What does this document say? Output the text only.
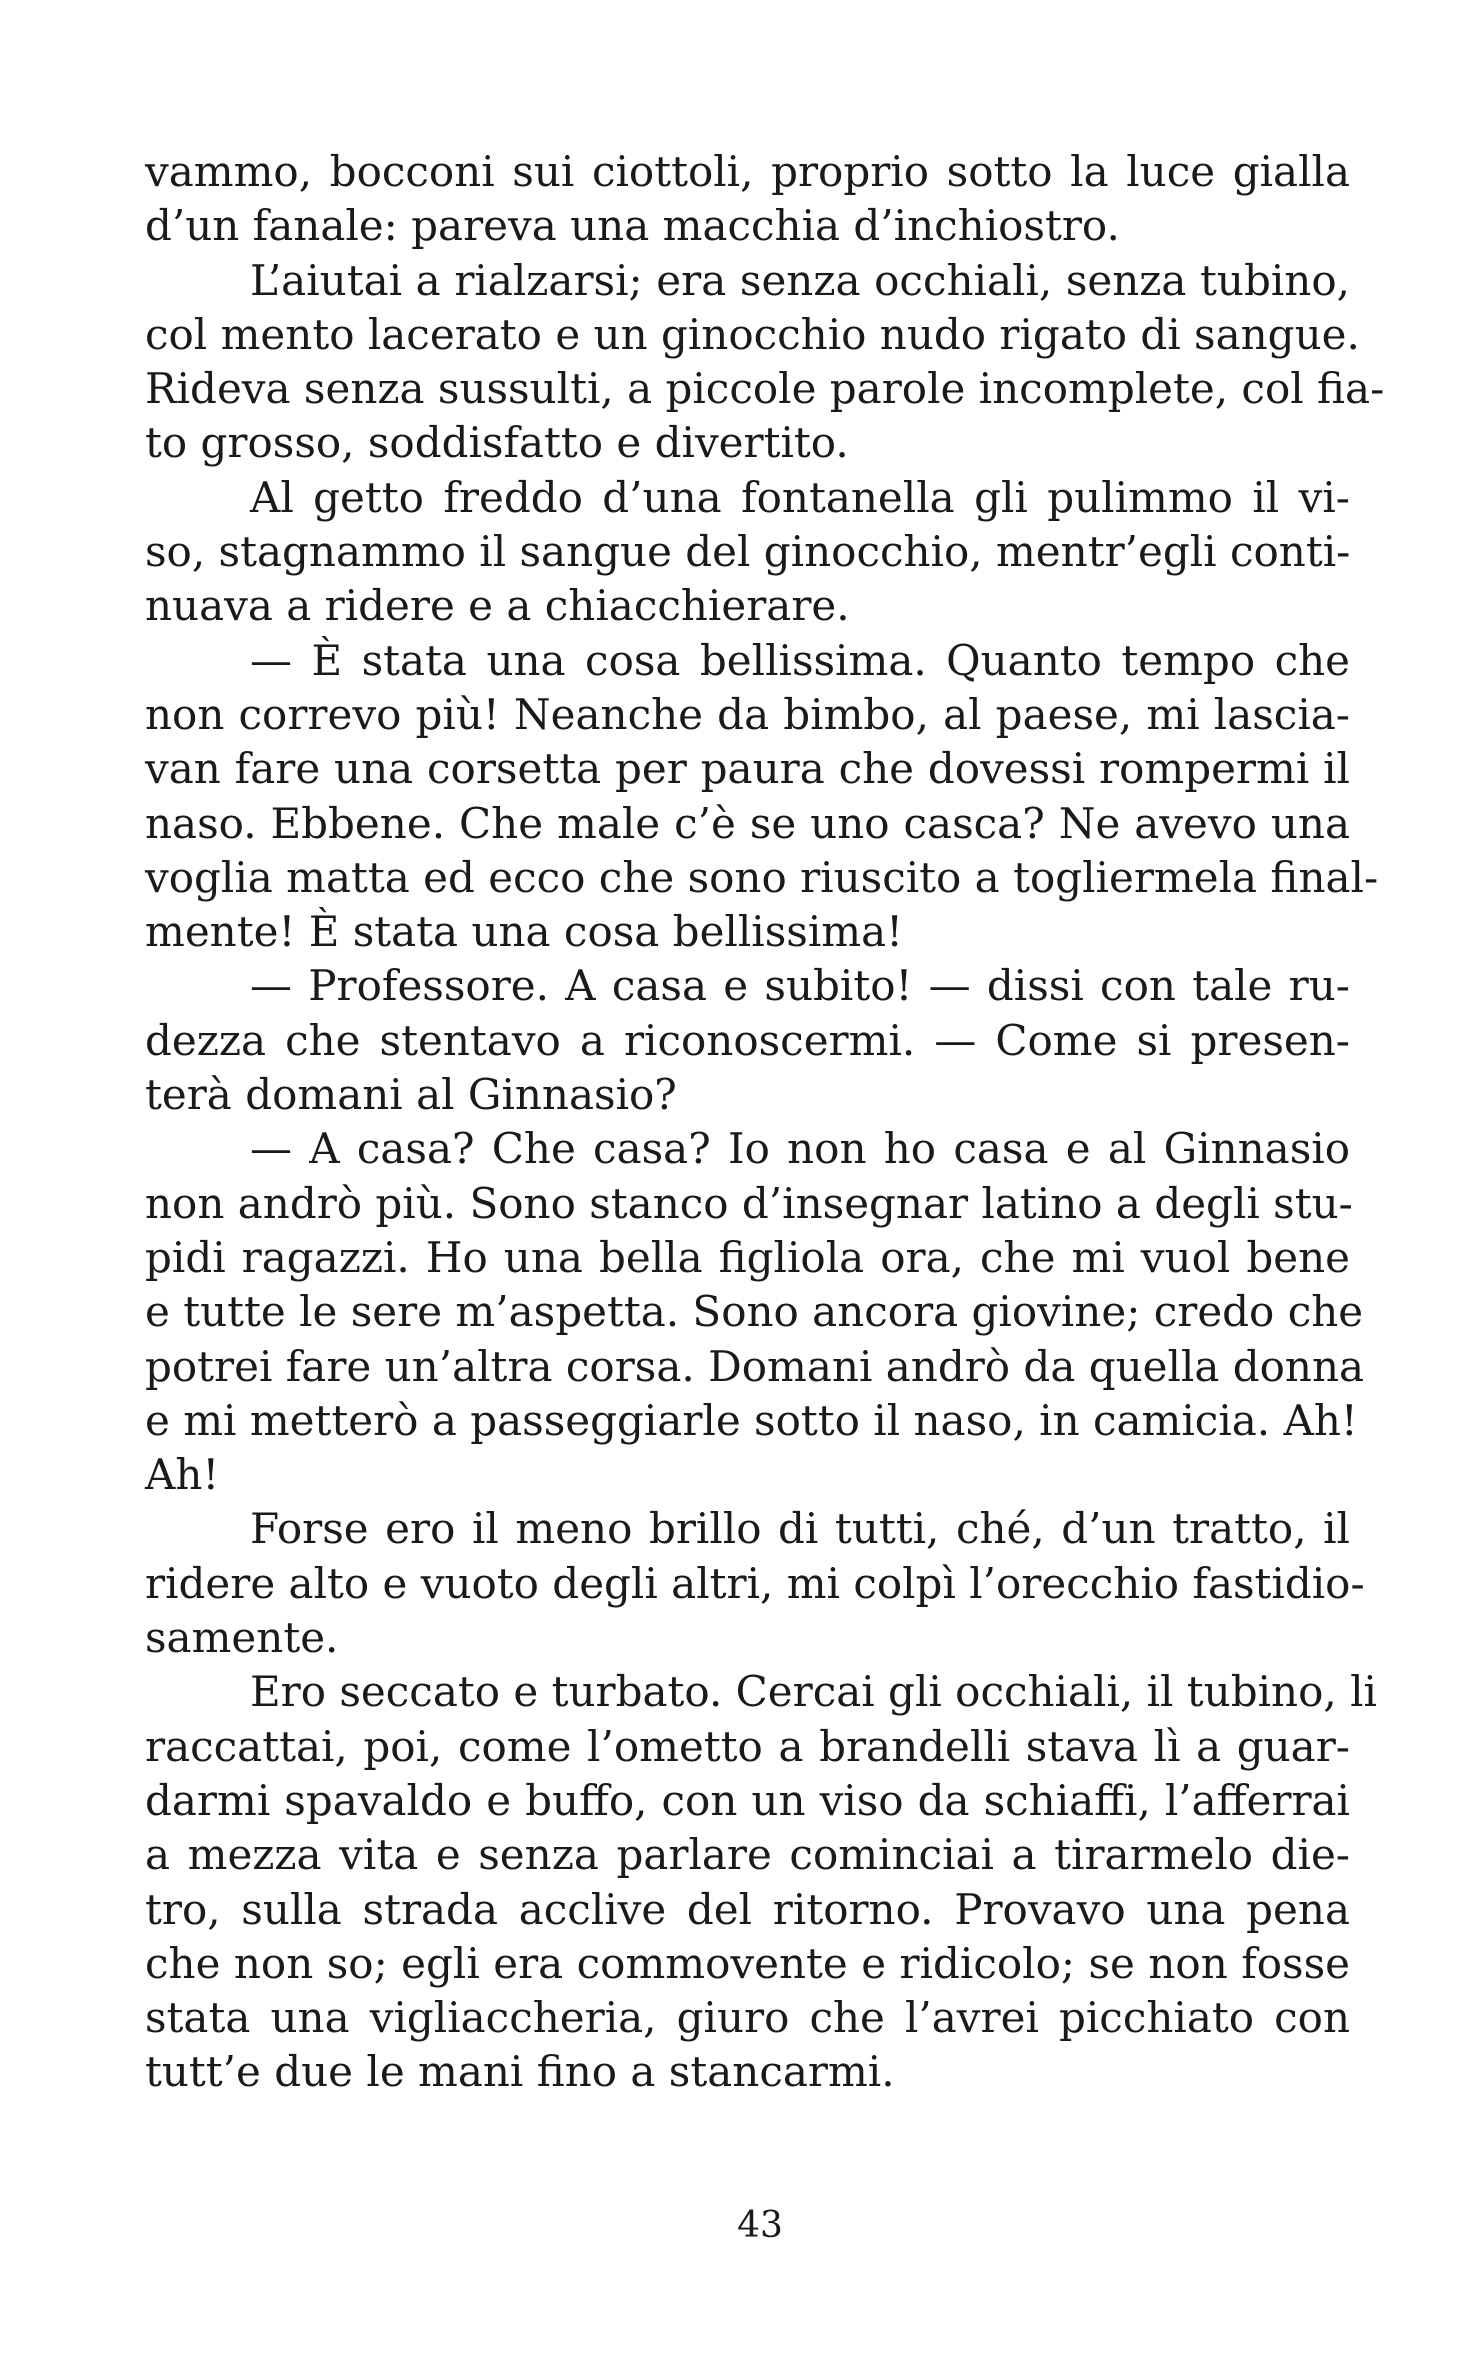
vammo, bocconi sui ciottoli, proprio sotto la luce gialla
d’un fanale: pareva una macchia d’inchiostro.
L’aiutai a rialzarsi; era senza occhiali, senza tubino,
col mento lacerato e un ginocchio nudo rigato di sangue.
Rideva senza sussulti, a piccole parole incomplete, col fia-
to grosso, soddisfatto e divertito.
Al getto freddo d’una fontanella gli pulimmo il vi-
so, stagnammo il sangue del ginocchio, mentr’egli conti-
nuava a ridere e a chiacchierare.
— È stata una cosa bellissima. Quanto tempo che
non correvo più! Neanche da bimbo, al paese, mi lascia-
van fare una corsetta per paura che dovessi rompermi il
naso. Ebbene. Che male c’è se uno casca? Ne avevo una
voglia matta ed ecco che sono riuscito a togliermela final-
mente! È stata una cosa bellissima!
— Professore. A casa e subito! — dissi con tale ru-
dezza che stentavo a riconoscermi. — Come si presen-
terà domani al Ginnasio?
— A casa? Che casa? Io non ho casa e al Ginnasio
non andrò più. Sono stanco d’insegnar latino a degli stu-
pidi ragazzi. Ho una bella figliola ora, che mi vuol bene
e tutte le sere m’aspetta. Sono ancora giovine; credo che
potrei fare un’altra corsa. Domani andrò da quella donna
e mi metterò a passeggiarle sotto il naso, in camicia. Ah!
Ah!
Forse ero il meno brillo di tutti, ché, d’un tratto, il
ridere alto e vuoto degli altri, mi colpì l’orecchio fastidio-
samente.
Ero seccato e turbato. Cercai gli occhiali, il tubino, li
raccattai, poi, come l’ometto a brandelli stava lì a guar-
darmi spavaldo e buffo, con un viso da schiaffi, l’afferrai
a mezza vita e senza parlare cominciai a tirarmelo die-
tro, sulla strada acclive del ritorno. Provavo una pena
che non so; egli era commovente e ridicolo; se non fosse
stata una vigliaccheria, giuro che l’avrei picchiato con
tutt’e due le mani fino a stancarmi.
43
